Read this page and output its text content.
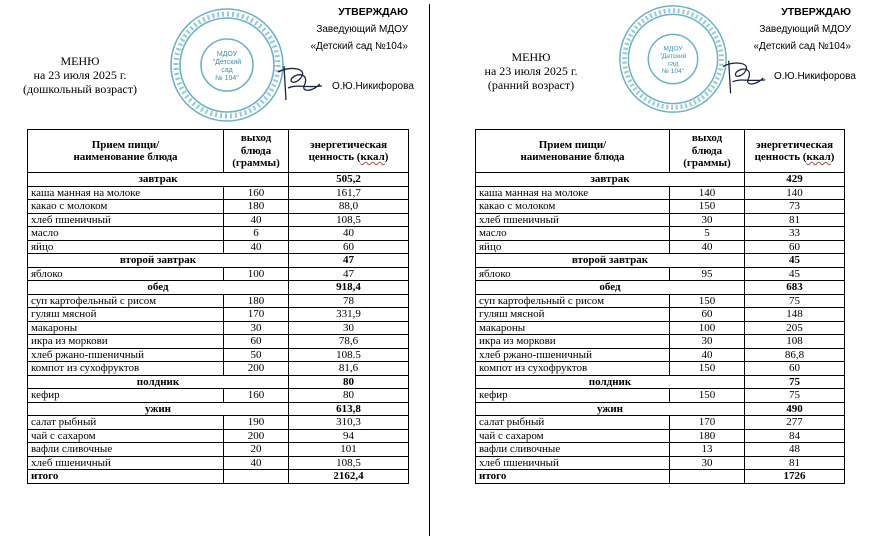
МЕНЮ
на 23 июля 2025 г.
(дошкольный возраст)
МДОУ
"Детский
сад
№ 104"
УТВЕРЖДАЮ
Заведующий МДОУ
«Детский сад №104»
О.Ю.Никифорова
Прием пищи/
наименование блюда	выход
блюда
(граммы)	энергетическая
ценность (ккал)
завтрак		505,2
каша манная на молоке	160	161,7
какао с молоком	180	88,0
хлеб пшеничный	40	108,5
масло	6	40
яйцо	40	60
второй завтрак		47
яблоко	100	47
обед		918,4
суп картофельный с рисом	180	78
гуляш мясной	170	331,9
макароны	30	30
икра из моркови	60	78,6
хлеб ржано-пшеничный	50	108.5
компот из сухофруктов	200	81,6
полдник		80
кефир	160	80
ужин		613,8
салат рыбный	190	310,3
чай с сахаром	200	94
вафли сливочные	20	101
хлеб пшеничный	40	108,5
итого		2162,4
МЕНЮ
на 23 июля 2025 г.
(ранний возраст)
МДОУ
"Детский
сад
№ 104"
УТВЕРЖДАЮ
Заведующий МДОУ
«Детский сад №104»
О.Ю.Никифорова
Прием пищи/
наименование блюда	выход
блюда
(граммы)	энергетическая
ценность (ккал)
завтрак		429
каша манная на молоке	140	140
какао с молоком	150	73
хлеб пшеничный	30	81
масло	5	33
яйцо	40	60
второй завтрак		45
яблоко	95	45
обед		683
суп картофельный с рисом	150	75
гуляш мясной	60	148
макароны	100	205
икра из моркови	30	108
хлеб ржано-пшеничный	40	86,8
компот из сухофруктов	150	60
полдник		75
кефир	150	75
ужин		490
салат рыбный	170	277
чай с сахаром	180	84
вафли сливочные	13	48
хлеб пшеничный	30	81
итого		1726
